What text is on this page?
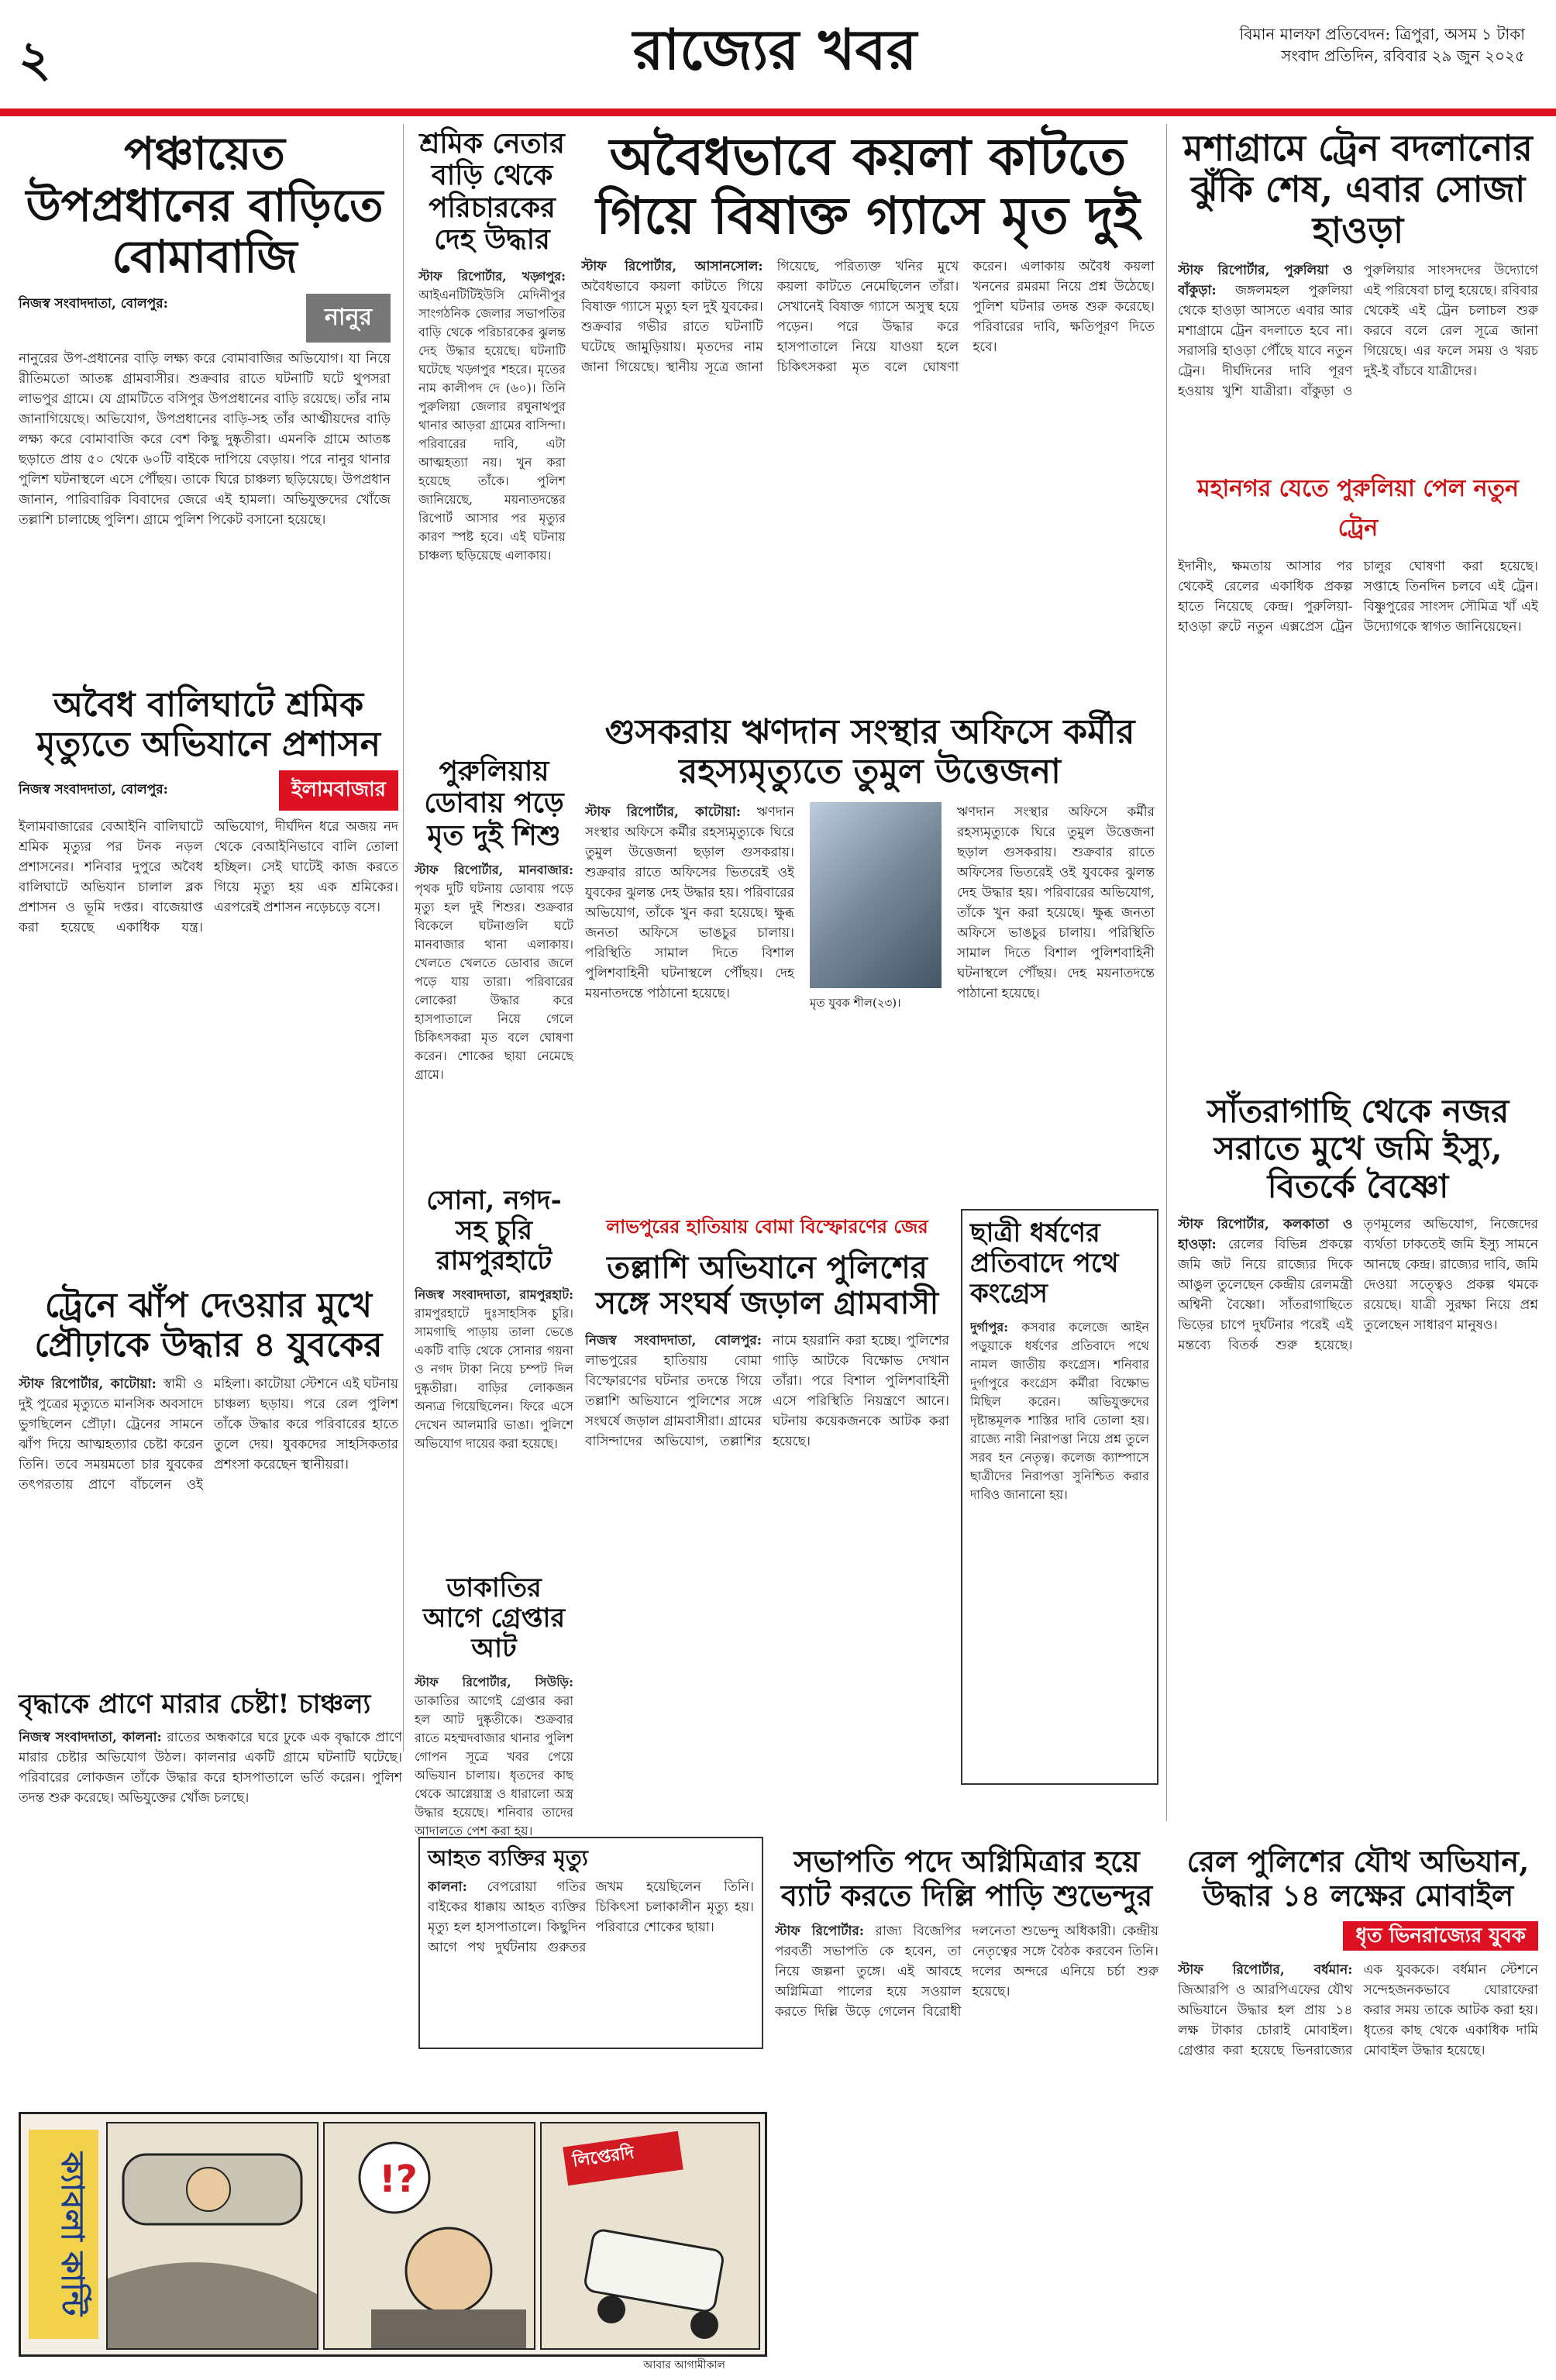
২	রাজ্যের খবর	বিমান মালফা প্রতিবেদন: ত্রিপুরা, অসম ১ টাকা
সংবাদ প্রতিদিন, রবিবার ২৯ জুন ২০২৫
পঞ্চায়েত উপপ্রধানের বাড়িতে বোমাবাজি
নিজস্ব সংবাদদাতা, বোলপুর:	নানুর
নানুরের উপ-প্রধানের বাড়ি লক্ষ্য করে বোমাবাজির অভিযোগ। যা নিয়ে রীতিমতো আতঙ্ক গ্রামবাসীর। শুক্রবার রাতে ঘটনাটি ঘটে থুপসরা লাভপুর গ্রামে। যে গ্রামটিতে বসিপুর উপপ্রধানের বাড়ি রয়েছে। তাঁর নাম জানাগিয়েছে। অভিযোগ, উপপ্রধানের বাড়ি-সহ তাঁর আত্মীয়দের বাড়ি লক্ষ্য করে বোমাবাজি করে বেশ কিছু দুষ্কৃতীরা। এমনকি গ্রামে আতঙ্ক ছড়াতে প্রায় ৫০ থেকে ৬০টি বাইকে দাপিয়ে বেড়ায়। পরে নানুর থানার পুলিশ ঘটনাস্থলে এসে পৌঁছয়। তাকে ঘিরে চাঞ্চল্য ছড়িয়েছে। উপপ্রধান জানান, পারিবারিক বিবাদের জেরে এই হামলা। অভিযুক্তদের খোঁজে তল্লাশি চালাচ্ছে পুলিশ। গ্রামে পুলিশ পিকেট বসানো হয়েছে।
শ্রমিক নেতার বাড়ি থেকে পরিচারকের দেহ উদ্ধার
স্টাফ রিপোর্টার, খড়্গপুর: আইএনটিটিইউসি মেদিনীপুর সাংগঠনিক জেলার সভাপতির বাড়ি থেকে পরিচারকের ঝুলন্ত দেহ উদ্ধার হয়েছে। ঘটনাটি ঘটেছে খড়্গপুর শহরে। মৃতের নাম কালীপদ দে (৬০)। তিনি পুরুলিয়া জেলার রঘুনাথপুর থানার আড়রা গ্রামের বাসিন্দা। পরিবারের দাবি, এটা আত্মহত্যা নয়। খুন করা হয়েছে তাঁকে। পুলিশ জানিয়েছে, ময়নাতদন্তের রিপোর্ট আসার পর মৃত্যুর কারণ স্পষ্ট হবে। এই ঘটনায় চাঞ্চল্য ছড়িয়েছে এলাকায়।
অবৈধভাবে কয়লা কাটতে গিয়ে বিষাক্ত গ্যাসে মৃত দুই
স্টাফ রিপোর্টার, আসানসোল: অবৈধভাবে কয়লা কাটতে গিয়ে বিষাক্ত গ্যাসে মৃত্যু হল দুই যুবকের। শুক্রবার গভীর রাতে ঘটনাটি ঘটেছে জামুড়িয়ায়। মৃতদের নাম জানা গিয়েছে। স্থানীয় সূত্রে জানা গিয়েছে, পরিত্যক্ত খনির মুখে কয়লা কাটতে নেমেছিলেন তাঁরা। সেখানেই বিষাক্ত গ্যাসে অসুস্থ হয়ে পড়েন। পরে উদ্ধার করে হাসপাতালে নিয়ে যাওয়া হলে চিকিৎসকরা মৃত বলে ঘোষণা করেন। এলাকায় অবৈধ কয়লা খননের রমরমা নিয়ে প্রশ্ন উঠেছে। পুলিশ ঘটনার তদন্ত শুরু করেছে। পরিবারের দাবি, ক্ষতিপূরণ দিতে হবে।
মশাগ্রামে ট্রেন বদলানোর ঝুঁকি শেষ, এবার সোজা হাওড়া
স্টাফ রিপোর্টার, পুরুলিয়া ও বাঁকুড়া: জঙ্গলমহল পুরুলিয়া থেকে হাওড়া আসতে এবার আর মশাগ্রামে ট্রেন বদলাতে হবে না। সরাসরি হাওড়া পৌঁছে যাবে নতুন ট্রেন। দীর্ঘদিনের দাবি পূরণ হওয়ায় খুশি যাত্রীরা। বাঁকুড়া ও পুরুলিয়ার সাংসদদের উদ্যোগে এই পরিষেবা চালু হয়েছে। রবিবার থেকেই এই ট্রেন চলাচল শুরু করবে বলে রেল সূত্রে জানা গিয়েছে। এর ফলে সময় ও খরচ দুই-ই বাঁচবে যাত্রীদের।
মহানগর যেতে পুরুলিয়া পেল নতুন ট্রেন
ইদানীং, ক্ষমতায় আসার পর থেকেই রেলের একাধিক প্রকল্প হাতে নিয়েছে কেন্দ্র। পুরুলিয়া-হাওড়া রুটে নতুন এক্সপ্রেস ট্রেন চালুর ঘোষণা করা হয়েছে। সপ্তাহে তিনদিন চলবে এই ট্রেন। বিষ্ণুপুরের সাংসদ সৌমিত্র খাঁ এই উদ্যোগকে স্বাগত জানিয়েছেন।
অবৈধ বালিঘাটে শ্রমিক মৃত্যুতে অভিযানে প্রশাসন
নিজস্ব সংবাদদাতা, বোলপুর:	ইলামবাজার
ইলামবাজারের বেআইনি বালিঘাটে শ্রমিক মৃত্যুর পর টনক নড়ল প্রশাসনের। শনিবার দুপুরে অবৈধ বালিঘাটে অভিযান চালাল ব্লক প্রশাসন ও ভূমি দপ্তর। বাজেয়াপ্ত করা হয়েছে একাধিক যন্ত্র। অভিযোগ, দীর্ঘদিন ধরে অজয় নদ থেকে বেআইনিভাবে বালি তোলা হচ্ছিল। সেই ঘাটেই কাজ করতে গিয়ে মৃত্যু হয় এক শ্রমিকের। এরপরেই প্রশাসন নড়েচড়ে বসে।
পুরুলিয়ায় ডোবায় পড়ে মৃত দুই শিশু
স্টাফ রিপোর্টার, মানবাজার: পৃথক দুটি ঘটনায় ডোবায় পড়ে মৃত্যু হল দুই শিশুর। শুক্রবার বিকেলে ঘটনাগুলি ঘটে মানবাজার থানা এলাকায়। খেলতে খেলতে ডোবার জলে পড়ে যায় তারা। পরিবারের লোকেরা উদ্ধার করে হাসপাতালে নিয়ে গেলে চিকিৎসকরা মৃত বলে ঘোষণা করেন। শোকের ছায়া নেমেছে গ্রামে।
গুসকরায় ঋণদান সংস্থার অফিসে কর্মীর রহস্যমৃত্যুতে তুমুল উত্তেজনা
মৃত যুবক শীল(২৩)।
স্টাফ রিপোর্টার, কাটোয়া: ঋণদান সংস্থার অফিসে কর্মীর রহস্যমৃত্যুকে ঘিরে তুমুল উত্তেজনা ছড়াল গুসকরায়। শুক্রবার রাতে অফিসের ভিতরেই ওই যুবকের ঝুলন্ত দেহ উদ্ধার হয়। পরিবারের অভিযোগ, তাঁকে খুন করা হয়েছে। ক্ষুব্ধ জনতা অফিসে ভাঙচুর চালায়। পরিস্থিতি সামাল দিতে বিশাল পুলিশবাহিনী ঘটনাস্থলে পৌঁছয়। দেহ ময়নাতদন্তে পাঠানো হয়েছে।
ঋণদান সংস্থার অফিসে কর্মীর রহস্যমৃত্যুকে ঘিরে তুমুল উত্তেজনা ছড়াল গুসকরায়। শুক্রবার রাতে অফিসের ভিতরেই ওই যুবকের ঝুলন্ত দেহ উদ্ধার হয়। পরিবারের অভিযোগ, তাঁকে খুন করা হয়েছে। ক্ষুব্ধ জনতা অফিসে ভাঙচুর চালায়। পরিস্থিতি সামাল দিতে বিশাল পুলিশবাহিনী ঘটনাস্থলে পৌঁছয়। দেহ ময়নাতদন্তে পাঠানো হয়েছে।
সাঁতরাগাছি থেকে নজর সরাতে মুখে জমি ইস্যু, বিতর্কে বৈষ্ণো
স্টাফ রিপোর্টার, কলকাতা ও হাওড়া: রেলের বিভিন্ন প্রকল্পে জমি জট নিয়ে রাজ্যের দিকে আঙুল তুলেছেন কেন্দ্রীয় রেলমন্ত্রী অশ্বিনী বৈষ্ণো। সাঁতরাগাছিতে ভিড়ের চাপে দুর্ঘটনার পরেই এই মন্তব্যে বিতর্ক শুরু হয়েছে। তৃণমূলের অভিযোগ, নিজেদের ব্যর্থতা ঢাকতেই জমি ইস্যু সামনে আনছে কেন্দ্র। রাজ্যের দাবি, জমি দেওয়া সত্ত্বেও প্রকল্প থমকে রয়েছে। যাত্রী সুরক্ষা নিয়ে প্রশ্ন তুলেছেন সাধারণ মানুষও।
ট্রেনে ঝাঁপ দেওয়ার মুখে প্রৌঢ়াকে উদ্ধার ৪ যুবকের
স্টাফ রিপোর্টার, কাটোয়া: স্বামী ও দুই পুত্রের মৃত্যুতে মানসিক অবসাদে ভুগছিলেন প্রৌঢ়া। ট্রেনের সামনে ঝাঁপ দিয়ে আত্মহত্যার চেষ্টা করেন তিনি। তবে সময়মতো চার যুবকের তৎপরতায় প্রাণে বাঁচলেন ওই মহিলা। কাটোয়া স্টেশনে এই ঘটনায় চাঞ্চল্য ছড়ায়। পরে রেল পুলিশ তাঁকে উদ্ধার করে পরিবারের হাতে তুলে দেয়। যুবকদের সাহসিকতার প্রশংসা করেছেন স্থানীয়রা।
সোনা, নগদ-সহ চুরি রামপুরহাটে
নিজস্ব সংবাদদাতা, রামপুরহাট: রামপুরহাটে দুঃসাহসিক চুরি। সামগাছি পাড়ায় তালা ভেঙে একটি বাড়ি থেকে সোনার গয়না ও নগদ টাকা নিয়ে চম্পট দিল দুষ্কৃতীরা। বাড়ির লোকজন অন্যত্র গিয়েছিলেন। ফিরে এসে দেখেন আলমারি ভাঙা। পুলিশে অভিযোগ দায়ের করা হয়েছে।
ডাকাতির আগে গ্রেপ্তার আট
স্টাফ রিপোর্টার, সিউড়ি: ডাকাতির আগেই গ্রেপ্তার করা হল আট দুষ্কৃতীকে। শুক্রবার রাতে মহম্মদবাজার থানার পুলিশ গোপন সূত্রে খবর পেয়ে অভিযান চালায়। ধৃতদের কাছ থেকে আগ্নেয়াস্ত্র ও ধারালো অস্ত্র উদ্ধার হয়েছে। শনিবার তাদের আদালতে পেশ করা হয়।
লাভপুরের হাতিয়ায় বোমা বিস্ফোরণের জের
তল্লাশি অভিযানে পুলিশের সঙ্গে সংঘর্ষ জড়াল গ্রামবাসী
নিজস্ব সংবাদদাতা, বোলপুর: লাভপুরের হাতিয়ায় বোমা বিস্ফোরণের ঘটনার তদন্তে গিয়ে তল্লাশি অভিযানে পুলিশের সঙ্গে সংঘর্ষে জড়াল গ্রামবাসীরা। গ্রামের বাসিন্দাদের অভিযোগ, তল্লাশির নামে হয়রানি করা হচ্ছে। পুলিশের গাড়ি আটকে বিক্ষোভ দেখান তাঁরা। পরে বিশাল পুলিশবাহিনী এসে পরিস্থিতি নিয়ন্ত্রণে আনে। ঘটনায় কয়েকজনকে আটক করা হয়েছে।
ছাত্রী ধর্ষণের প্রতিবাদে পথে কংগ্রেস
দুর্গাপুর: কসবার কলেজে আইন পড়ুয়াকে ধর্ষণের প্রতিবাদে পথে নামল জাতীয় কংগ্রেস। শনিবার দুর্গাপুরে কংগ্রেস কর্মীরা বিক্ষোভ মিছিল করেন। অভিযুক্তদের দৃষ্টান্তমূলক শাস্তির দাবি তোলা হয়। রাজ্যে নারী নিরাপত্তা নিয়ে প্রশ্ন তুলে সরব হন নেতৃত্ব। কলেজ ক্যাম্পাসে ছাত্রীদের নিরাপত্তা সুনিশ্চিত করার দাবিও জানানো হয়।
বৃদ্ধাকে প্রাণে মারার চেষ্টা! চাঞ্চল্য
নিজস্ব সংবাদদাতা, কালনা: রাতের অন্ধকারে ঘরে ঢুকে এক বৃদ্ধাকে প্রাণে মারার চেষ্টার অভিযোগ উঠল। কালনার একটি গ্রামে ঘটনাটি ঘটেছে। পরিবারের লোকজন তাঁকে উদ্ধার করে হাসপাতালে ভর্তি করেন। পুলিশ তদন্ত শুরু করেছে। অভিযুক্তের খোঁজ চলছে।
আহত ব্যক্তির মৃত্যু
কালনা: বেপরোয়া গতির বাইকের ধাক্কায় আহত ব্যক্তির মৃত্যু হল হাসপাতালে। কিছুদিন আগে পথ দুর্ঘটনায় গুরুতর জখম হয়েছিলেন তিনি। চিকিৎসা চলাকালীন মৃত্যু হয়। পরিবারে শোকের ছায়া।
সভাপতি পদে অগ্নিমিত্রার হয়ে ব্যাট করতে দিল্লি পাড়ি শুভেন্দুর
স্টাফ রিপোর্টার: রাজ্য বিজেপির পরবর্তী সভাপতি কে হবেন, তা নিয়ে জল্পনা তুঙ্গে। এই আবহে অগ্নিমিত্রা পালের হয়ে সওয়াল করতে দিল্লি উড়ে গেলেন বিরোধী দলনেতা শুভেন্দু অধিকারী। কেন্দ্রীয় নেতৃত্বের সঙ্গে বৈঠক করবেন তিনি। দলের অন্দরে এনিয়ে চর্চা শুরু হয়েছে।
রেল পুলিশের যৌথ অভিযান, উদ্ধার ১৪ লক্ষের মোবাইল
ধৃত ভিনরাজ্যের যুবক
স্টাফ রিপোর্টার, বর্ধমান: জিআরপি ও আরপিএফের যৌথ অভিযানে উদ্ধার হল প্রায় ১৪ লক্ষ টাকার চোরাই মোবাইল। গ্রেপ্তার করা হয়েছে ভিনরাজ্যের এক যুবককে। বর্ধমান স্টেশনে সন্দেহজনকভাবে ঘোরাফেরা করার সময় তাকে আটক করা হয়। ধৃতের কাছ থেকে একাধিক দামি মোবাইল উদ্ধার হয়েছে।
ক্যাবলা কান্টি	!?
লিপ্তেরদি
আবার আগামীকাল
